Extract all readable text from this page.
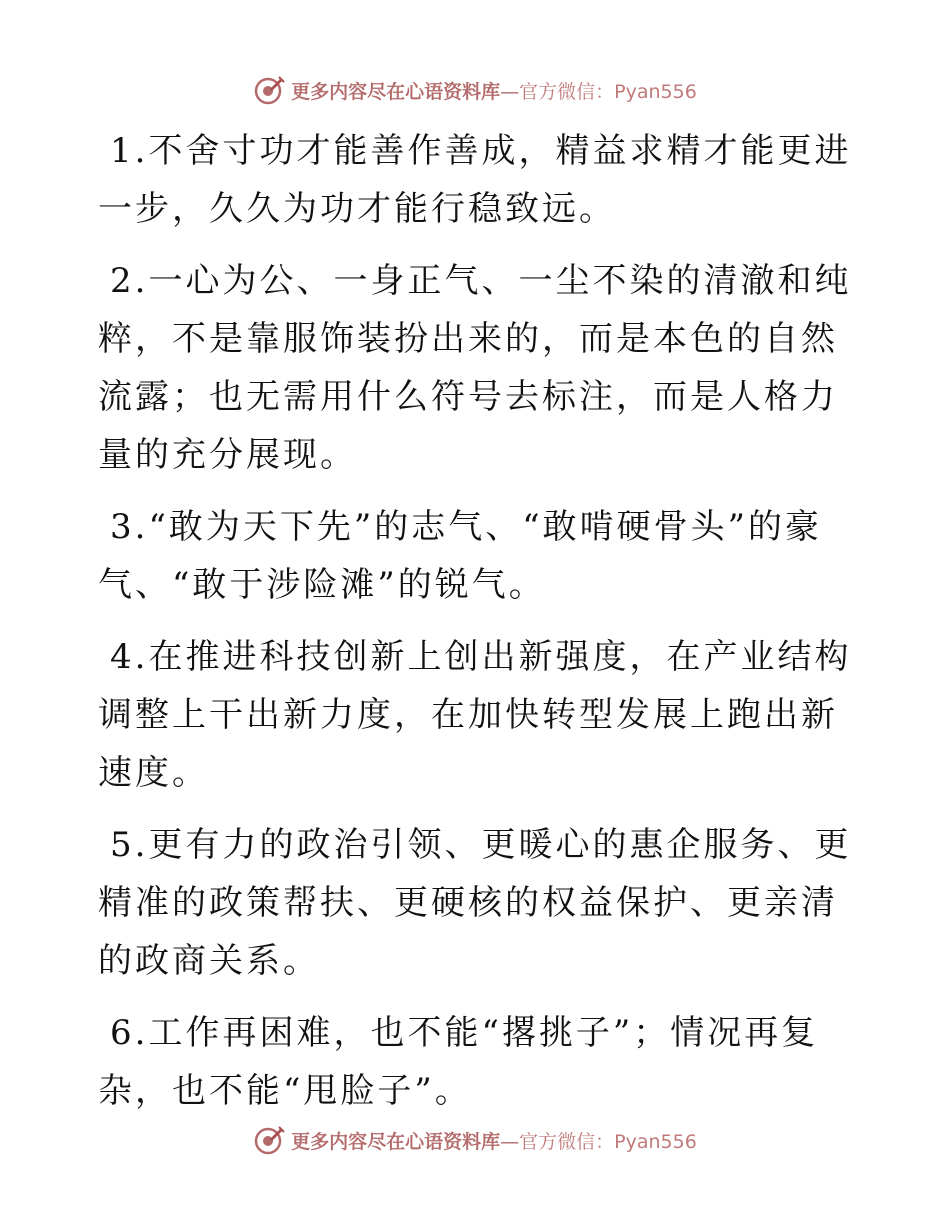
更多内容尽在心语资料库—官方微信：Pyan556

1.不舍寸功才能善作善成，精益求精才能更进一步，久久为功才能行稳致远。

2.一心为公、一身正气、一尘不染的清澈和纯粹，不是靠服饰装扮出来的，而是本色的自然流露；也无需用什么符号去标注，而是人格力量的充分展现。

3.“敢为天下先”的志气、“敢啃硬骨头”的豪气、“敢于涉险滩”的锐气。

4.在推进科技创新上创出新强度，在产业结构调整上干出新力度，在加快转型发展上跑出新速度。

5.更有力的政治引领、更暖心的惠企服务、更精准的政策帮扶、更硬核的权益保护、更亲清的政商关系。

6.工作再困难，也不能“撂挑子”；情况再复杂，也不能“甩脸子”。

更多内容尽在心语资料库—官方微信：Pyan556
